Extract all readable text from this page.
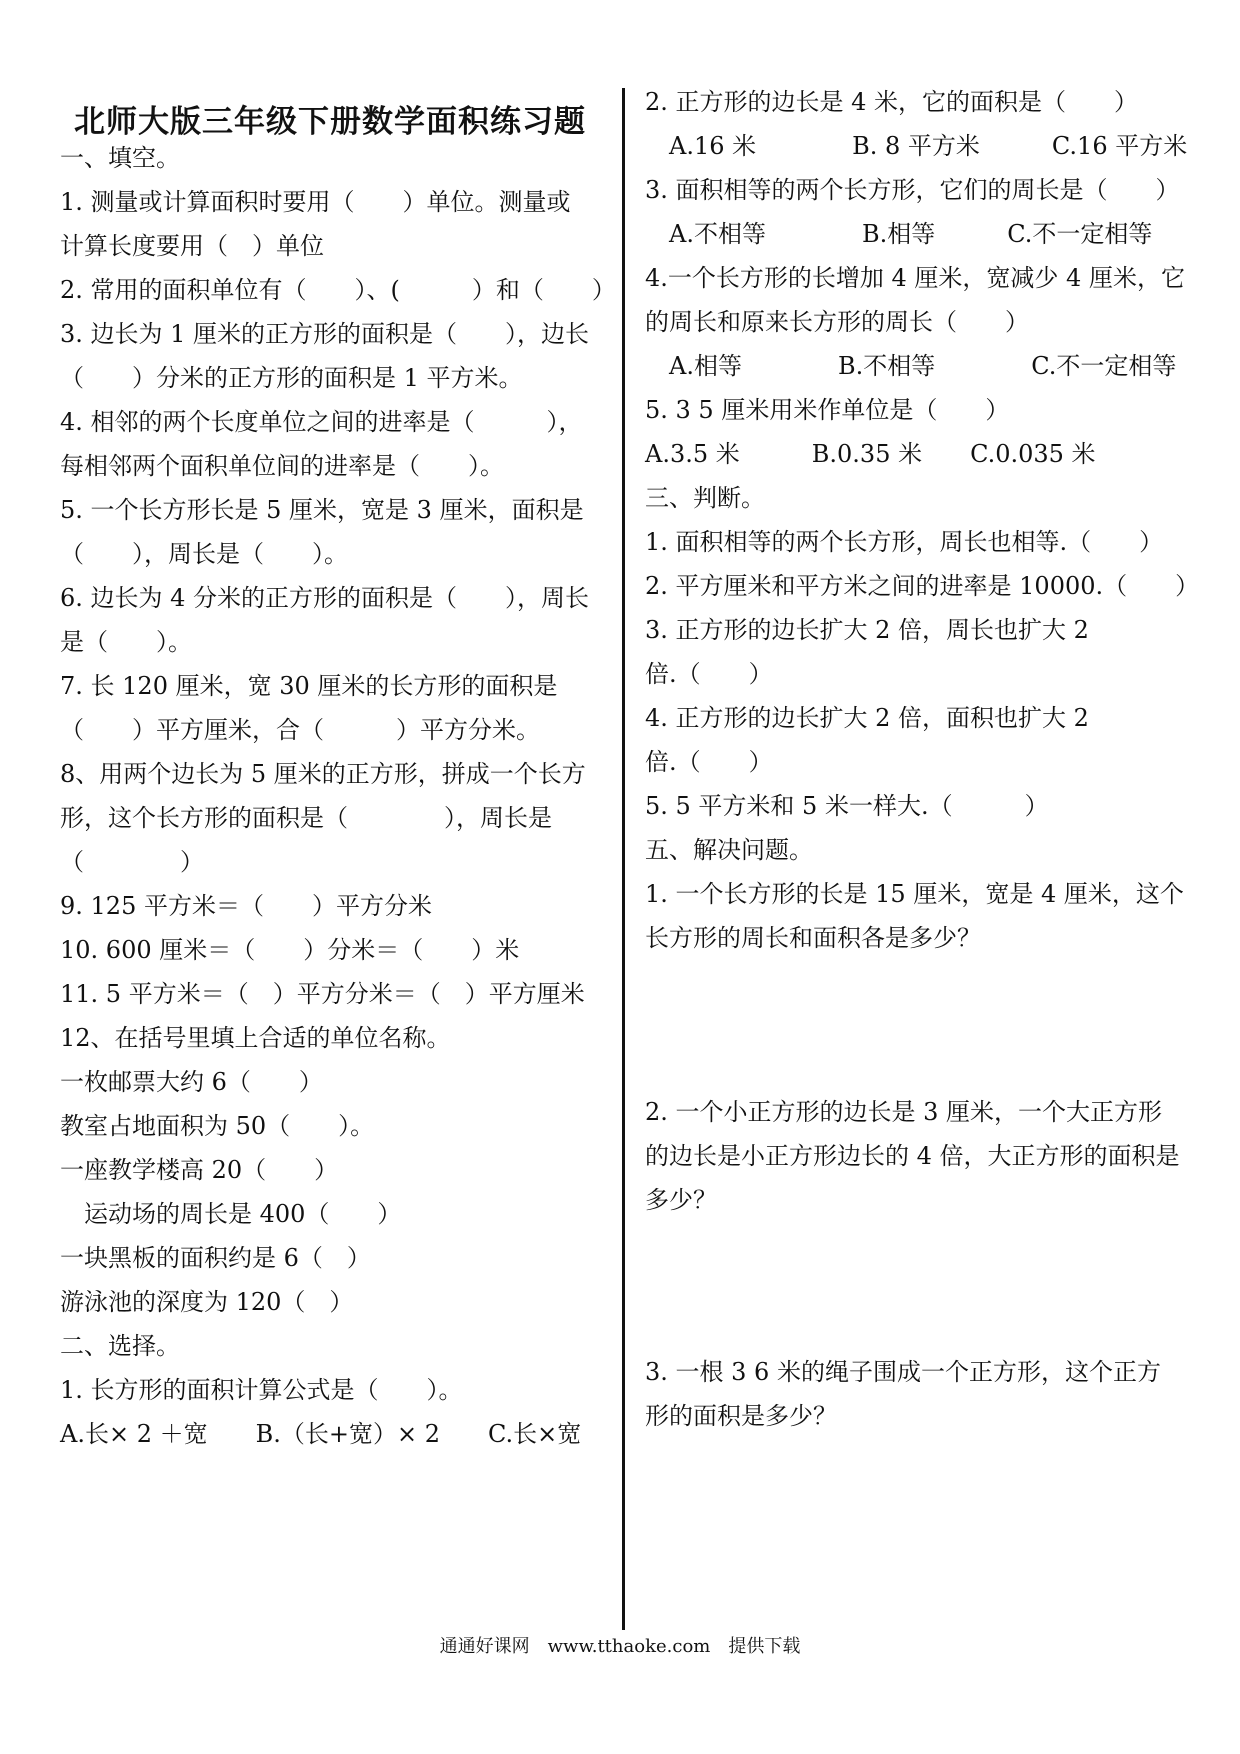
北师大版三年级下册数学面积练习题
一、填空。
1. 测量或计算面积时要用（　　）单位。测量或
计算长度要用（　）单位
2. 常用的面积单位有（　　）、(　　　）和（　　）
3. 边长为 1 厘米的正方形的面积是（　　），边长
（　　）分米的正方形的面积是 1 平方米。
4. 相邻的两个长度单位之间的进率是（　　　），
每相邻两个面积单位间的进率是（　　）。
5. 一个长方形长是 5 厘米，宽是 3 厘米，面积是
（　　），周长是（　　）。
6. 边长为 4 分米的正方形的面积是（　　），周长
是（　　）。
7. 长 120 厘米，宽 30 厘米的长方形的面积是
（　　）平方厘米，合（　　　）平方分米。
8、用两个边长为 5 厘米的正方形，拼成一个长方
形，这个长方形的面积是（　　　　），周长是
（　　　　）
9. 125 平方米＝（　　）平方分米
10. 600 厘米＝（　　）分米＝（　　）米
11. 5 平方米＝（　）平方分米＝（　）平方厘米
12、在括号里填上合适的单位名称。
一枚邮票大约 6（　　）
教室占地面积为 50（　　）。
一座教学楼高 20（　　）
　运动场的周长是 400（　　）
一块黑板的面积约是 6（　）
游泳池的深度为 120（　）
二、选择。
1. 长方形的面积计算公式是（　　）。
A.长× 2 ＋宽　　B.（长+宽）× 2　　C.长×宽
2. 正方形的边长是 4 米，它的面积是（　　）
　A.16 米　　　　B. 8 平方米　　　C.16 平方米
3. 面积相等的两个长方形，它们的周长是（　　）
　A.不相等　　　　B.相等　　　C.不一定相等
4.一个长方形的长增加 4 厘米，宽减少 4 厘米，它
的周长和原来长方形的周长（　　）
　A.相等　　　　B.不相等　　　　C.不一定相等
5. 3 5 厘米用米作单位是（　　）
A.3.5 米　　　B.0.35 米　　C.0.035 米
三、判断。
1. 面积相等的两个长方形，周长也相等.（　　）
2. 平方厘米和平方米之间的进率是 10000.（　　）
3. 正方形的边长扩大 2 倍，周长也扩大 2
倍.（　　）
4. 正方形的边长扩大 2 倍，面积也扩大 2
倍.（　　）
5. 5 平方米和 5 米一样大.（　　　）
五、解决问题。
1. 一个长方形的长是 15 厘米，宽是 4 厘米，这个
长方形的周长和面积各是多少？
2. 一个小正方形的边长是 3 厘米，一个大正方形
的边长是小正方形边长的 4 倍，大正方形的面积是
多少？
3. 一根 3 6 米的绳子围成一个正方形，这个正方
形的面积是多少？
通通好课网　www.tthaoke.com　提供下载
